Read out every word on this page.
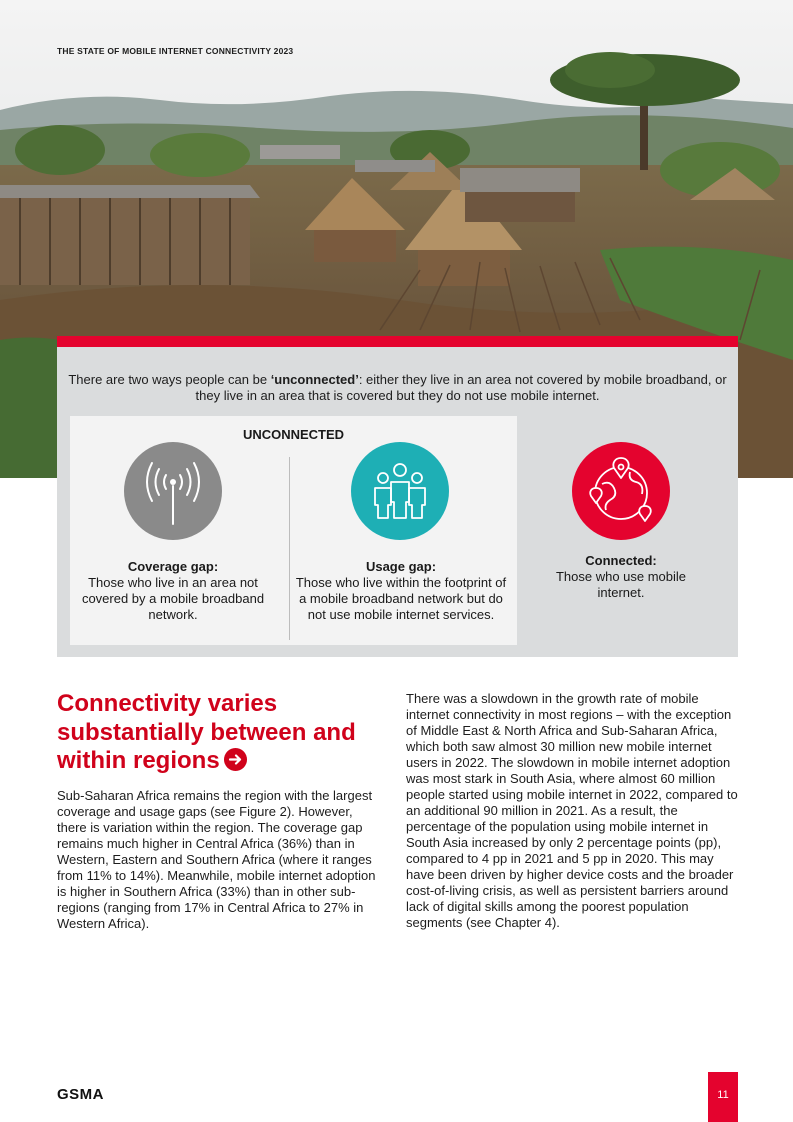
THE STATE OF MOBILE INTERNET CONNECTIVITY 2023
There are two ways people can be ‘unconnected’: either they live in an area not covered by mobile broadband, or they live in an area that is covered but they do not use mobile internet.
UNCONNECTED
Coverage gap:
Those who live in an area not covered by a mobile broadband network.
Usage gap:
Those who live within the footprint of a mobile broadband network but do not use mobile internet services.
Connected:
Those who use mobile internet.
Connectivity varies substantially between and within regions
Sub-Saharan Africa remains the region with the largest coverage and usage gaps (see Figure 2). However, there is variation within the region. The coverage gap remains much higher in Central Africa (36%) than in Western, Eastern and Southern Africa (where it ranges from 11% to 14%). Meanwhile, mobile internet adoption is higher in Southern Africa (33%) than in other sub-regions (ranging from 17% in Central Africa to 27% in Western Africa).
There was a slowdown in the growth rate of mobile internet connectivity in most regions – with the exception of Middle East & North Africa and Sub-Saharan Africa, which both saw almost 30 million new mobile internet users in 2022. The slowdown in mobile internet adoption was most stark in South Asia, where almost 60 million people started using mobile internet in 2022, compared to an additional 90 million in 2021. As a result, the percentage of the population using mobile internet in South Asia increased by only 2 percentage points (pp), compared to 4 pp in 2021 and 5 pp in 2020. This may have been driven by higher device costs and the broader cost-of-living crisis, as well as persistent barriers around lack of digital skills among the poorest population segments (see Chapter 4).
GSMA	11
